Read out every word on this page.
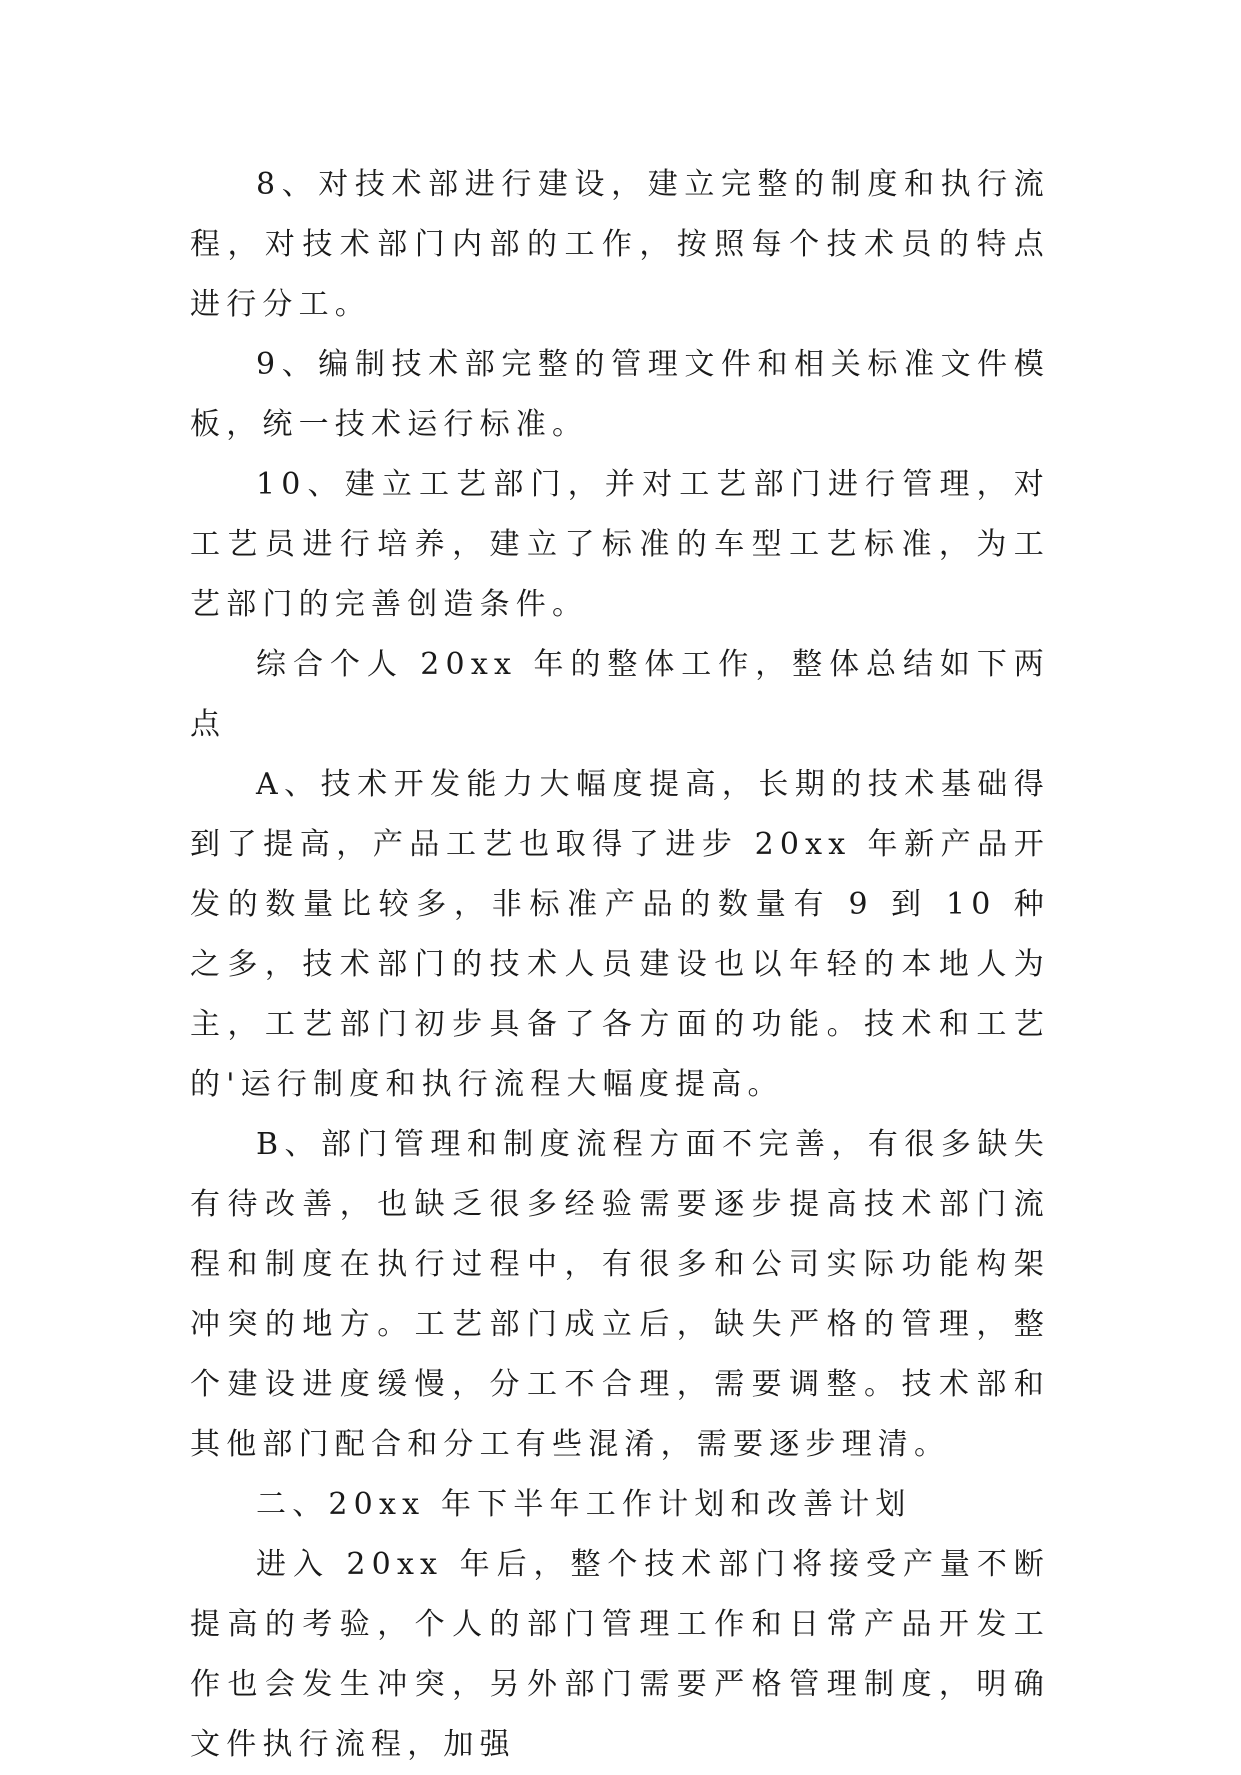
8、对技术部进行建设，建立完整的制度和执行流程，对技术部门内部的工作，按照每个技术员的特点进行分工。

9、编制技术部完整的管理文件和相关标准文件模板，统一技术运行标准。

10、建立工艺部门，并对工艺部门进行管理，对工艺员进行培养，建立了标准的车型工艺标准，为工艺部门的完善创造条件。

综合个人 20xx 年的整体工作，整体总结如下两点

A、技术开发能力大幅度提高，长期的技术基础得到了提高，产品工艺也取得了进步 20xx 年新产品开发的数量比较多，非标准产品的数量有 9 到 10 种之多，技术部门的技术人员建设也以年轻的本地人为主，工艺部门初步具备了各方面的功能。技术和工艺的'运行制度和执行流程大幅度提高。

B、部门管理和制度流程方面不完善，有很多缺失有待改善，也缺乏很多经验需要逐步提高技术部门流程和制度在执行过程中，有很多和公司实际功能构架冲突的地方。工艺部门成立后，缺失严格的管理，整个建设进度缓慢，分工不合理，需要调整。技术部和其他部门配合和分工有些混淆，需要逐步理清。

二、20xx 年下半年工作计划和改善计划

进入 20xx 年后，整个技术部门将接受产量不断提高的考验，个人的部门管理工作和日常产品开发工作也会发生冲突，另外部门需要严格管理制度，明确文件执行流程，加强
